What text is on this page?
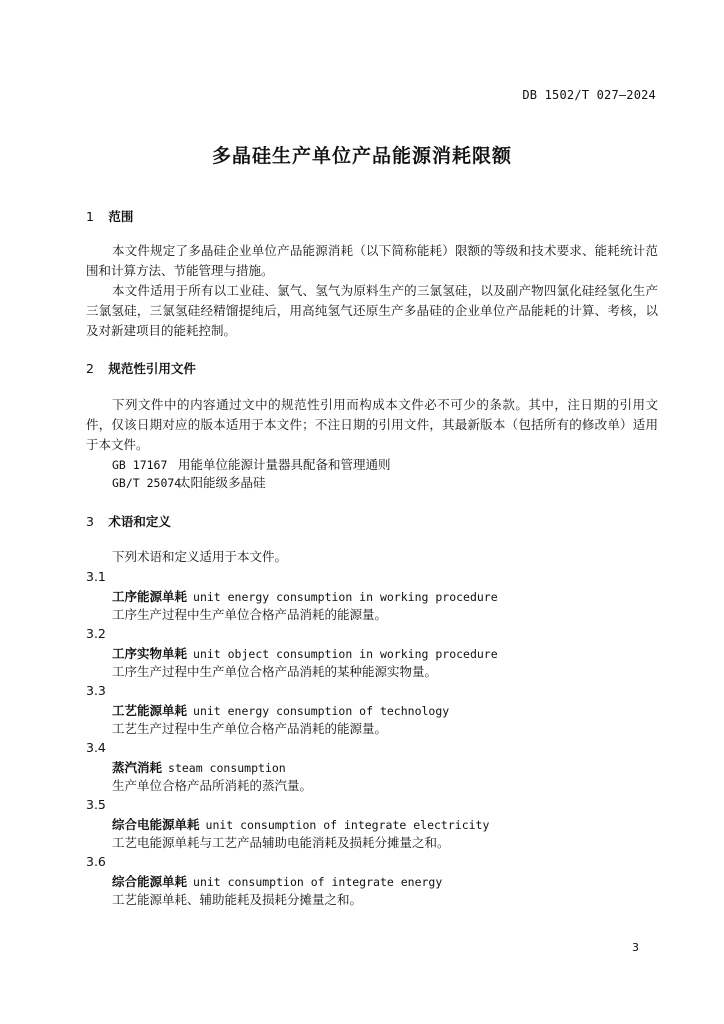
DB 1502/T 027—2024
多晶硅生产单位产品能源消耗限额
1 范围

本文件规定了多晶硅企业单位产品能源消耗（以下简称能耗）限额的等级和技术要求、能耗统计范围和计算方法、节能管理与措施。

本文件适用于所有以工业硅、氯气、氢气为原料生产的三氯氢硅，以及副产物四氯化硅经氢化生产三氯氢硅，三氯氢硅经精馏提纯后，用高纯氢气还原生产多晶硅的企业单位产品能耗的计算、考核，以及对新建项目的能耗控制。

2 规范性引用文件

下列文件中的内容通过文中的规范性引用而构成本文件必不可少的条款。其中，注日期的引用文件，仅该日期对应的版本适用于本文件；不注日期的引用文件，其最新版本（包括所有的修改单）适用于本文件。

GB 17167 用能单位能源计量器具配备和管理通则
GB/T 25074 太阳能级多晶硅
3 术语和定义
下列术语和定义适用于本文件。
3.1
工序能源单耗 unit energy consumption in working procedure
工序生产过程中生产单位合格产品消耗的能源量。
3.2
工序实物单耗 unit object consumption in working procedure
工序生产过程中生产单位合格产品消耗的某种能源实物量。
3.3
工艺能源单耗 unit energy consumption of technology
工艺生产过程中生产单位合格产品消耗的能源量。
3.4
蒸汽消耗 steam consumption
生产单位合格产品所消耗的蒸汽量。
3.5
综合电能源单耗 unit consumption of integrate electricity
工艺电能源单耗与工艺产品辅助电能消耗及损耗分摊量之和。
3.6
综合能源单耗 unit consumption of integrate energy
工艺能源单耗、辅助能耗及损耗分摊量之和。
3
